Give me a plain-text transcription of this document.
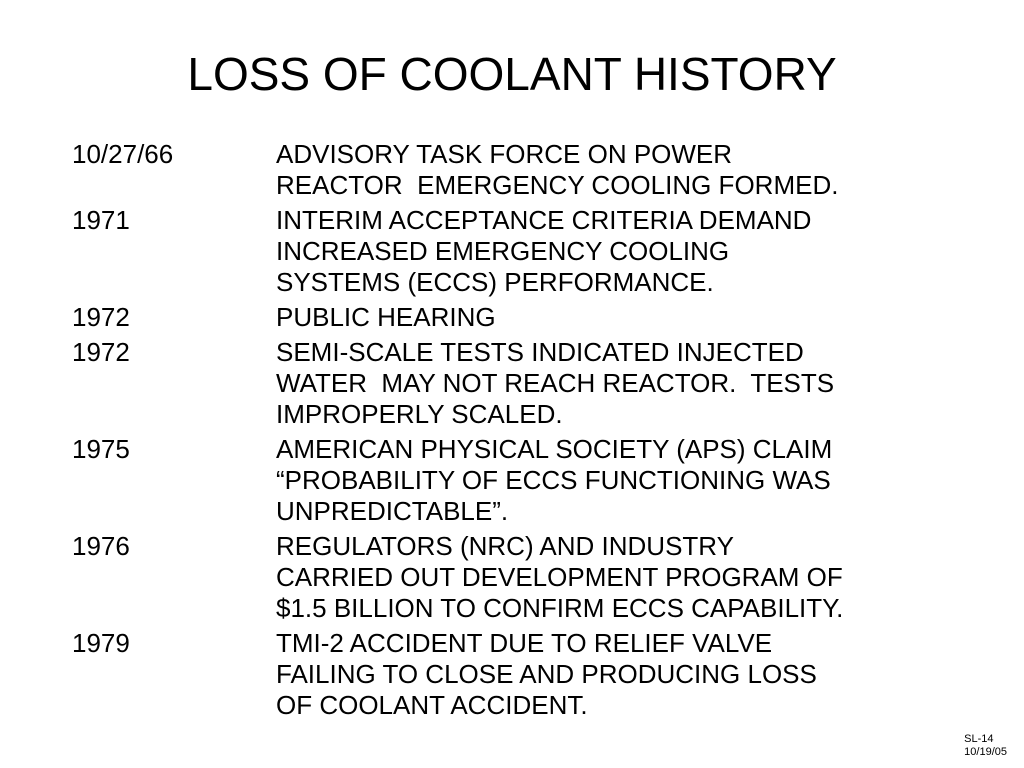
LOSS OF COOLANT HISTORY
10/27/66	ADVISORY TASK FORCE ON POWER
REACTOR  EMERGENCY COOLING FORMED.
1971	INTERIM ACCEPTANCE CRITERIA DEMAND
INCREASED EMERGENCY COOLING
SYSTEMS (ECCS) PERFORMANCE.
1972	PUBLIC HEARING
1972	SEMI-SCALE TESTS INDICATED INJECTED
WATER  MAY NOT REACH REACTOR.  TESTS
IMPROPERLY SCALED.
1975	AMERICAN PHYSICAL SOCIETY (APS) CLAIM
“PROBABILITY OF ECCS FUNCTIONING WAS
UNPREDICTABLE”.
1976	REGULATORS (NRC) AND INDUSTRY
CARRIED OUT DEVELOPMENT PROGRAM OF
$1.5 BILLION TO CONFIRM ECCS CAPABILITY.
1979	TMI-2 ACCIDENT DUE TO RELIEF VALVE
FAILING TO CLOSE AND PRODUCING LOSS
OF COOLANT ACCIDENT.
SL-14
10/19/05
